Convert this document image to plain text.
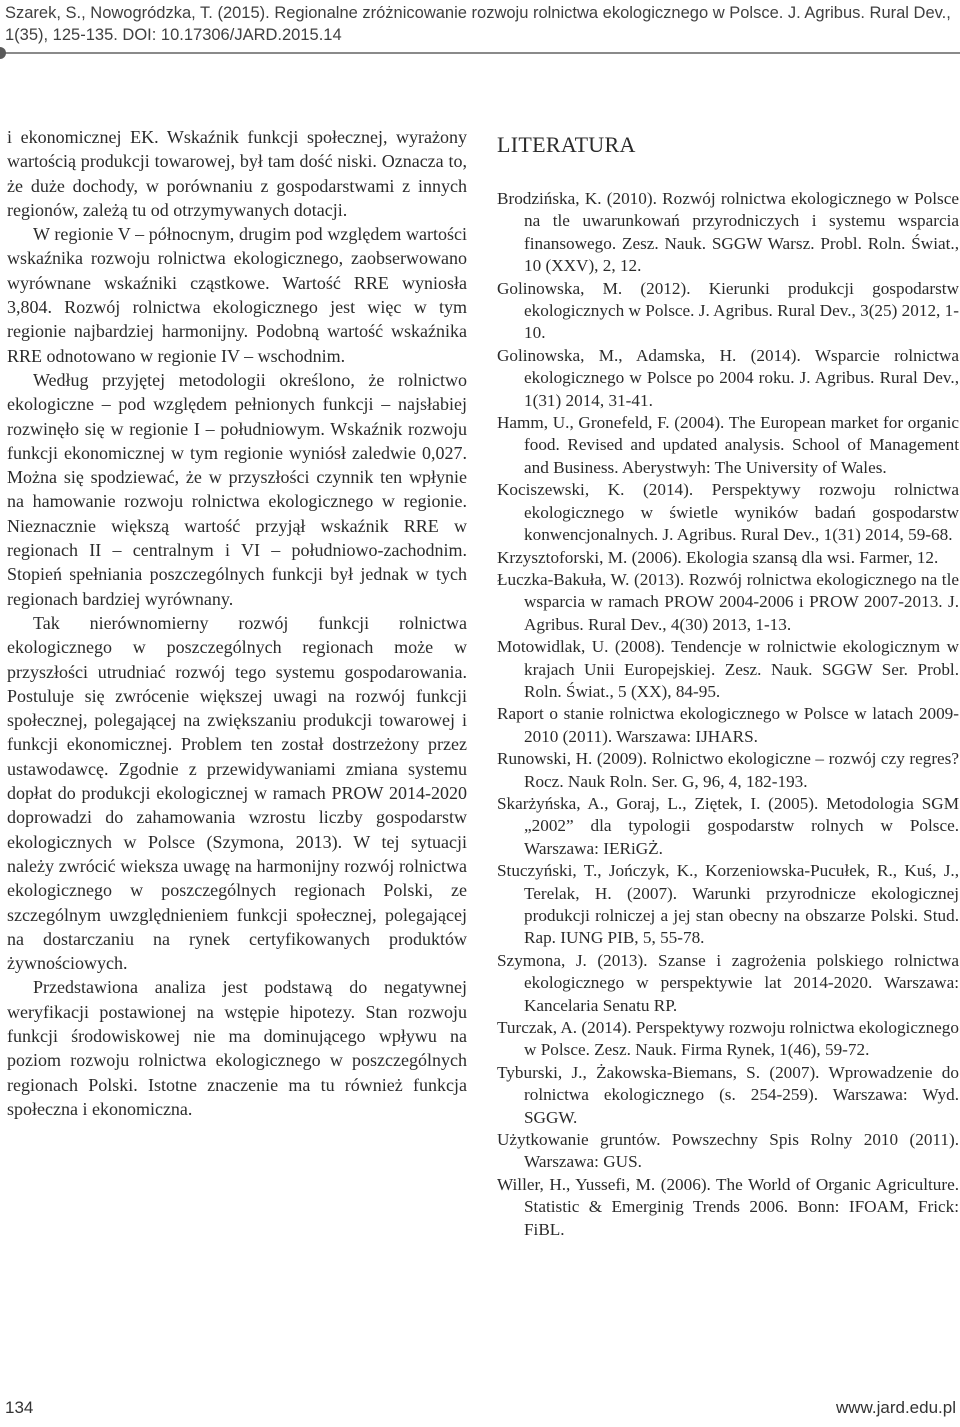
Szarek, S., Nowogródzka, T. (2015). Regionalne zróżnicowanie rozwoju rolnictwa ekologicznego w Polsce. J. Agribus. Rural Dev., 1(35), 125-135. DOI: 10.17306/JARD.2015.14

i ekonomicznej EK. Wskaźnik funkcji społecznej, wyrażony wartością produkcji towarowej, był tam dość niski. Oznacza to, że duże dochody, w porównaniu z gospodarstwami z innych regionów, zależą tu od otrzymywanych dotacji.

W regionie V – północnym, drugim pod względem wartości wskaźnika rozwoju rolnictwa ekologicznego, zaobserwowano wyrównane wskaźniki cząstkowe. Wartość RRE wyniosła 3,804. Rozwój rolnictwa ekologicznego jest więc w tym regionie najbardziej harmonijny. Podobną wartość wskaźnika RRE odnotowano w regionie IV – wschodnim.

Według przyjętej metodologii określono, że rolnictwo ekologiczne – pod względem pełnionych funkcji – najsłabiej rozwinęło się w regionie I – południowym. Wskaźnik rozwoju funkcji ekonomicznej w tym regionie wyniósł zaledwie 0,027. Można się spodziewać, że w przyszłości czynnik ten wpłynie na hamowanie rozwoju rolnictwa ekologicznego w regionie. Nieznacznie większą wartość przyjął wskaźnik RRE w regionach II – centralnym i VI – południowo-zachodnim. Stopień spełniania poszczególnych funkcji był jednak w tych regionach bardziej wyrównany.

Tak nierównomierny rozwój funkcji rolnictwa ekologicznego w poszczególnych regionach może w przyszłości utrudniać rozwój tego systemu gospodarowania. Postuluje się zwrócenie większej uwagi na rozwój funkcji społecznej, polegającej na zwiększaniu produkcji towarowej i funkcji ekonomicznej. Problem ten został dostrzeżony przez ustawodawcę. Zgodnie z przewidywaniami zmiana systemu dopłat do produkcji ekologicznej w ramach PROW 2014-2020 doprowadzi do zahamowania wzrostu liczby gospodarstw ekologicznych w Polsce (Szymona, 2013). W tej sytuacji należy zwrócić wieksza uwagę na harmonijny rozwój rolnictwa ekologicznego w poszczególnych regionach Polski, ze szczególnym uwzględnieniem funkcji społecznej, polegającej na dostarczaniu na rynek certyfikowanych produktów żywnościowych.

Przedstawiona analiza jest podstawą do negatywnej weryfikacji postawionej na wstępie hipotezy. Stan rozwoju funkcji środowiskowej nie ma dominującego wpływu na poziom rozwoju rolnictwa ekologicznego w poszczególnych regionach Polski. Istotne znaczenie ma tu również funkcja społeczna i ekonomiczna.

LITERATURA

Brodzińska, K. (2010). Rozwój rolnictwa ekologicznego w Polsce na tle uwarunkowań przyrodniczych i systemu wsparcia finansowego. Zesz. Nauk. SGGW Warsz. Probl. Roln. Świat., 10 (XXV), 2, 12.

Golinowska, M. (2012). Kierunki produkcji gospodarstw ekologicznych w Polsce. J. Agribus. Rural Dev., 3(25) 2012, 1-10.

Golinowska, M., Adamska, H. (2014). Wsparcie rolnictwa ekologicznego w Polsce po 2004 roku. J. Agribus. Rural Dev., 1(31) 2014, 31-41.

Hamm, U., Gronefeld, F. (2004). The European market for organic food. Revised and updated analysis. School of Management and Business. Aberystwyh: The University of Wales.

Kociszewski, K. (2014). Perspektywy rozwoju rolnictwa ekologicznego w świetle wyników badań gospodarstw konwencjonalnych. J. Agribus. Rural Dev., 1(31) 2014, 59-68.

Krzysztoforski, M. (2006). Ekologia szansą dla wsi. Farmer, 12.

Łuczka-Bakuła, W. (2013). Rozwój rolnictwa ekologicznego na tle wsparcia w ramach PROW 2004-2006 i PROW 2007-2013. J. Agribus. Rural Dev., 4(30) 2013, 1-13.

Motowidlak, U. (2008). Tendencje w rolnictwie ekologicznym w krajach Unii Europejskiej. Zesz. Nauk. SGGW Ser. Probl. Roln. Świat., 5 (XX), 84-95.

Raport o stanie rolnictwa ekologicznego w Polsce w latach 2009-2010 (2011). Warszawa: IJHARS.

Runowski, H. (2009). Rolnictwo ekologiczne – rozwój czy regres? Rocz. Nauk Roln. Ser. G, 96, 4, 182-193.

Skarżyńska, A., Goraj, L., Ziętek, I. (2005). Metodologia SGM „2002” dla typologii gospodarstw rolnych w Polsce. Warszawa: IERiGŻ.

Stuczyński, T., Jończyk, K., Korzeniowska-Pucułek, R., Kuś, J., Terelak, H. (2007). Warunki przyrodnicze ekologicznej produkcji rolniczej a jej stan obecny na obszarze Polski. Stud. Rap. IUNG PIB, 5, 55-78.

Szymona, J. (2013). Szanse i zagrożenia polskiego rolnictwa ekologicznego w perspektywie lat 2014-2020. Warszawa: Kancelaria Senatu RP.

Turczak, A. (2014). Perspektywy rozwoju rolnictwa ekologicznego w Polsce. Zesz. Nauk. Firma Rynek, 1(46), 59-72.

Tyburski, J., Żakowska-Biemans, S. (2007). Wprowadzenie do rolnictwa ekologicznego (s. 254-259). Warszawa: Wyd. SGGW.

Użytkowanie gruntów. Powszechny Spis Rolny 2010 (2011). Warszawa: GUS.

Willer, H., Yussefi, M. (2006). The World of Organic Agriculture. Statistic & Emerginig Trends 2006. Bonn: IFOAM, Frick: FiBL.

134	www.jard.edu.pl
